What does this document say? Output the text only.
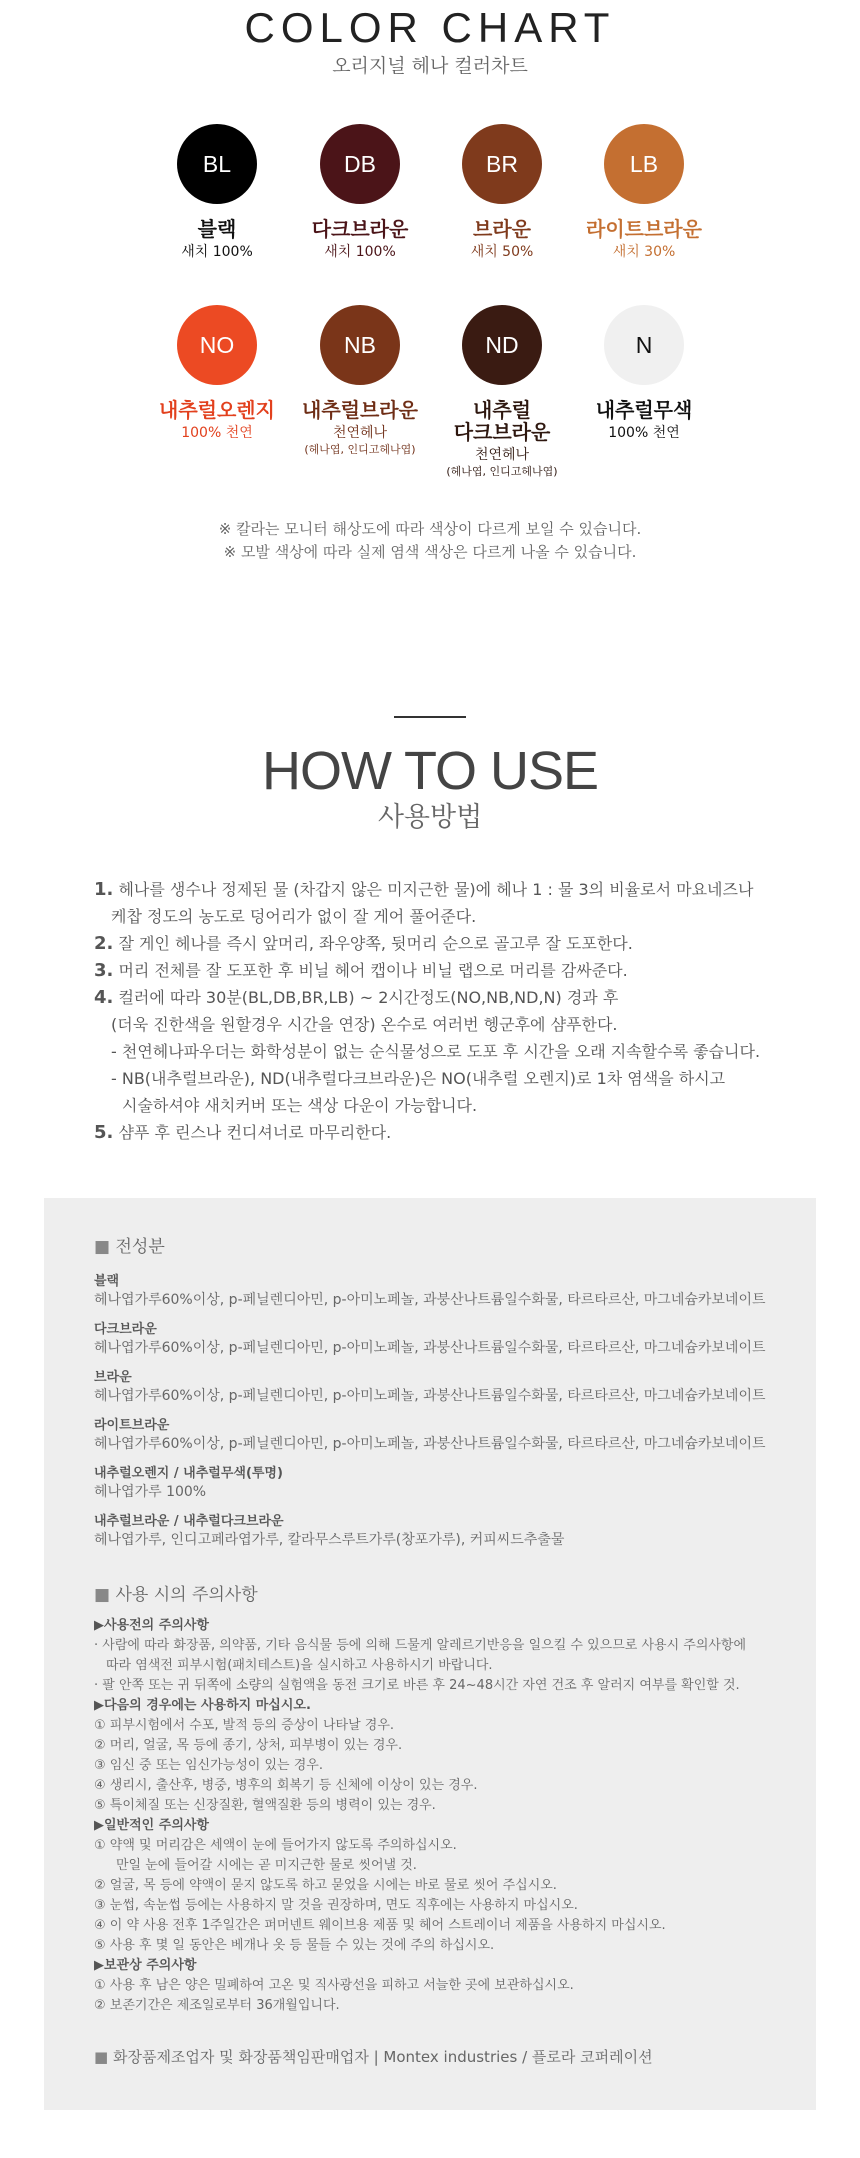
COLOR CHART
오리지널 헤나 컬러차트
BL
블랙
새치 100%
DB
다크브라운
새치 100%
BR
브라운
새치 50%
LB
라이트브라운
새치 30%
NO
내추럴오렌지
100% 천연
NB
내추럴브라운
천연헤나
(헤나엽, 인디고헤나엽)
ND
내추럴
다크브라운
천연헤나
(헤나엽, 인디고헤나엽)
N
내추럴무색
100% 천연
※ 칼라는 모니터 해상도에 따라 색상이 다르게 보일 수 있습니다.
※ 모발 색상에 따라 실제 염색 색상은 다르게 나올 수 있습니다.
HOW TO USE
사용방법
1. 헤나를 생수나 정제된 물 (차갑지 않은 미지근한 물)에 헤나 1 : 물 3의 비율로서 마요네즈나
케찹 정도의 농도로 덩어리가 없이 잘 게어 풀어준다.
2. 잘 게인 헤나를 즉시 앞머리, 좌우양쪽, 뒷머리 순으로 골고루 잘 도포한다.
3. 머리 전체를 잘 도포한 후 비닐 헤어 캡이나 비닐 랩으로 머리를 감싸준다.
4. 컬러에 따라 30분(BL,DB,BR,LB) ~ 2시간정도(NO,NB,ND,N) 경과 후
(더욱 진한색을 원할경우 시간을 연장) 온수로 여러번 헹군후에 샴푸한다.
- 천연헤나파우더는 화학성분이 없는 순식물성으로 도포 후 시간을 오래 지속할수록 좋습니다.
- NB(내추럴브라운), ND(내추럴다크브라운)은 NO(내추럴 오렌지)로 1차 염색을 하시고
시술하셔야 새치커버 또는 색상 다운이 가능합니다.
5. 샴푸 후 린스나 컨디셔너로 마무리한다.
■ 전성분
블랙
헤나엽가루60%이상, p-페닐렌디아민, p-아미노페놀, 과붕산나트륨일수화물, 타르타르산, 마그네슘카보네이트
다크브라운
헤나엽가루60%이상, p-페닐렌디아민, p-아미노페놀, 과붕산나트륨일수화물, 타르타르산, 마그네슘카보네이트
브라운
헤나엽가루60%이상, p-페닐렌디아민, p-아미노페놀, 과붕산나트륨일수화물, 타르타르산, 마그네슘카보네이트
라이트브라운
헤나엽가루60%이상, p-페닐렌디아민, p-아미노페놀, 과붕산나트륨일수화물, 타르타르산, 마그네슘카보네이트
내추럴오렌지 / 내추럴무색(투명)
헤나엽가루 100%
내추럴브라운 / 내추럴다크브라운
헤나엽가루, 인디고페라엽가루, 칼라무스루트가루(창포가루), 커피씨드추출물
■ 사용 시의 주의사항
▶사용전의 주의사항
· 사람에 따라 화장품, 의약품, 기타 음식물 등에 의해 드물게 알레르기반응을 일으킬 수 있으므로 사용시 주의사항에
따라 염색전 피부시험(패치테스트)을 실시하고 사용하시기 바랍니다.
· 팔 안쪽 또는 귀 뒤쪽에 소량의 실험액을 동전 크기로 바른 후 24~48시간 자연 건조 후 알러지 여부를 확인할 것.
▶다음의 경우에는 사용하지 마십시오.
① 피부시험에서 수포, 발적 등의 증상이 나타날 경우.
② 머리, 얼굴, 목 등에 종기, 상처, 피부병이 있는 경우.
③ 임신 중 또는 임신가능성이 있는 경우.
④ 생리시, 출산후, 병중, 병후의 회복기 등 신체에 이상이 있는 경우.
⑤ 특이체질 또는 신장질환, 혈액질환 등의 병력이 있는 경우.
▶일반적인 주의사항
① 약액 및 머리감은 세액이 눈에 들어가지 않도록 주의하십시오.
만일 눈에 들어갈 시에는 곧 미지근한 물로 씻어낼 것.
② 얼굴, 목 등에 약액이 묻지 않도록 하고 묻었을 시에는 바로 물로 씻어 주십시오.
③ 눈썹, 속눈썹 등에는 사용하지 말 것을 권장하며, 면도 직후에는 사용하지 마십시오.
④ 이 약 사용 전후 1주일간은 퍼머넨트 웨이브용 제품 및 헤어 스트레이너 제품을 사용하지 마십시오.
⑤ 사용 후 몇 일 동안은 베개나 옷 등 물들 수 있는 것에 주의 하십시오.
▶보관상 주의사항
① 사용 후 남은 양은 밀폐하여 고온 및 직사광선을 피하고 서늘한 곳에 보관하십시오.
② 보존기간은 제조일로부터 36개월입니다.
■ 화장품제조업자 및 화장품책임판매업자 | Montex industries / 플로라 코퍼레이션
